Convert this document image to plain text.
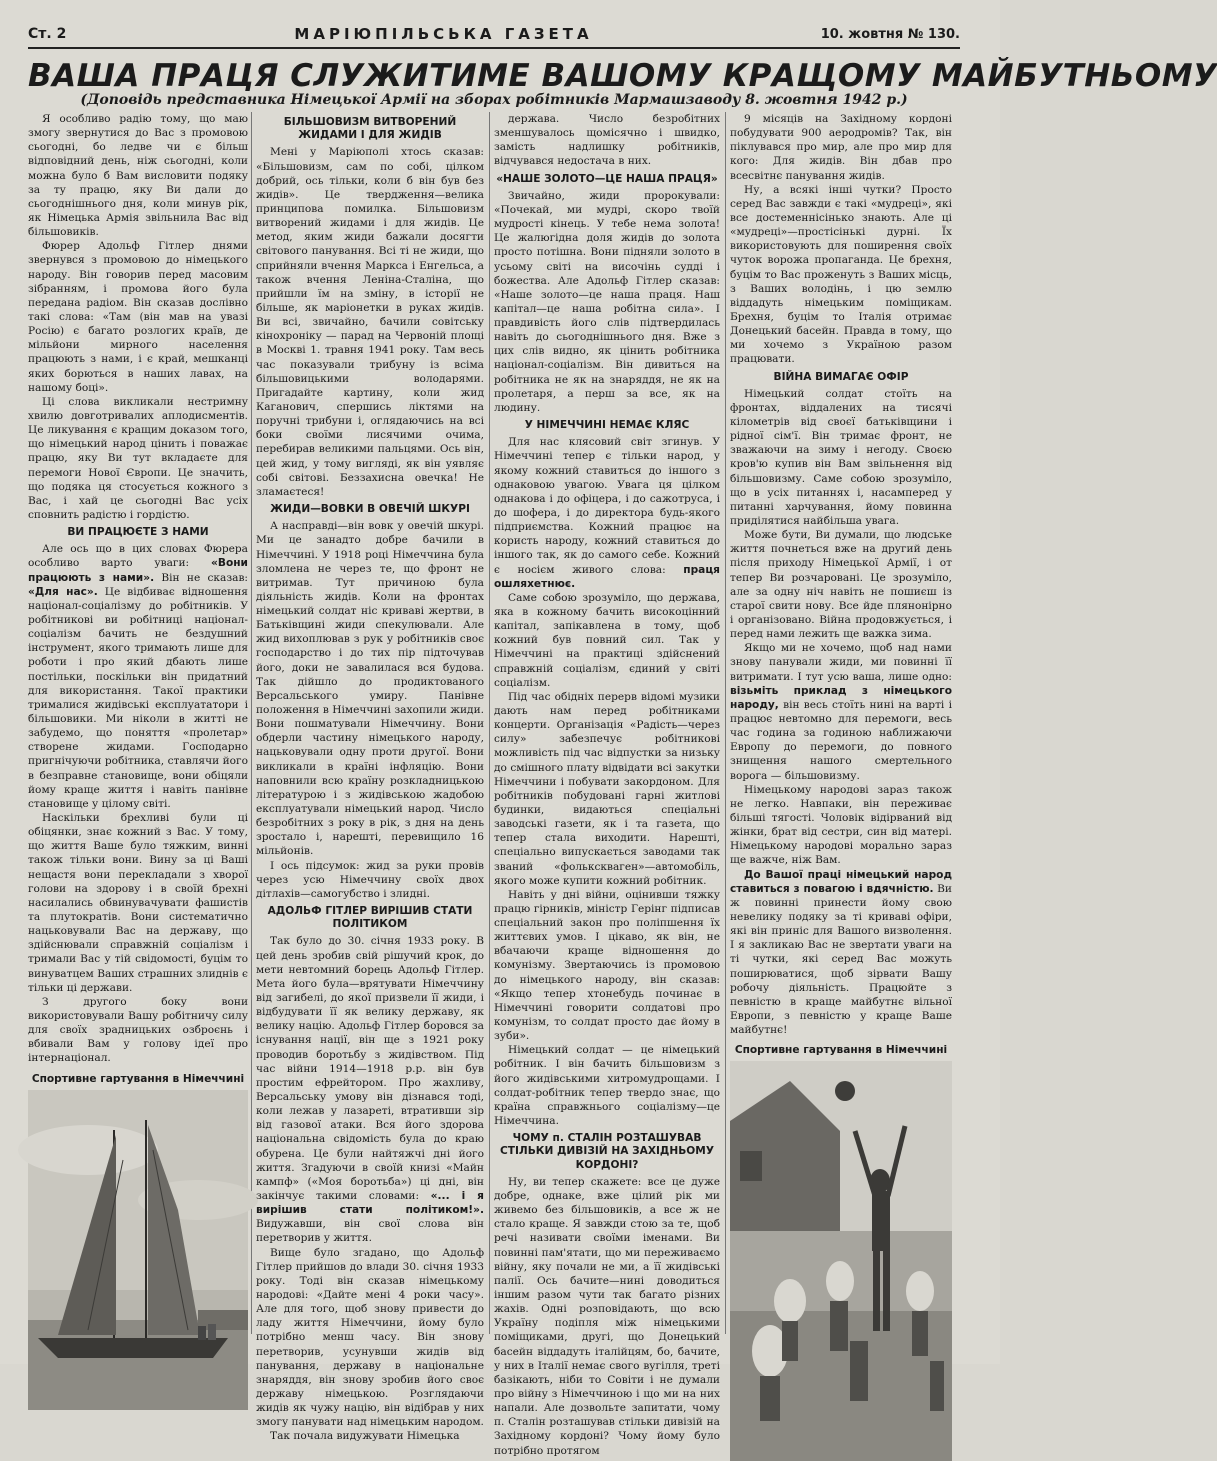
Ст. 2	МАРІЮПІЛЬСЬКА ГАЗЕТА	10. жовтня № 130.
ВАША ПРАЦЯ СЛУЖИТИМЕ ВАШОМУ КРАЩОМУ МАЙБУТНЬОМУ
(Доповідь представника Німецької Армії на зборах робітників Мармашзаводу 8. жовтня 1942 р.)

Я особливо радію тому, що маю змогу звернутися до Вас з промовою сьогодні, бо ледве чи є більш відповідний день, ніж сьогодні, коли можна було б Вам висловити подяку за ту працю, яку Ви дали до сьогоднішнього дня, коли минув рік, як Німецька Армія звільнила Вас від більшовиків.

Фюрер Адольф Гітлер днями звернувся з промовою до німецького народу. Він говорив перед масовим зібранням, і промова його була передана радіом. Він сказав дослівно такі слова: «Там (він мав на увазі Росію) є багато розлогих країв, де мільйони мирного населення працюють з нами, і є край, мешканці яких борються в наших лавах, на нашому боці».

Ці слова викликали нестримну хвилю довготривалих аплодисментів. Це ликування є кращим доказом того, що німецький народ цінить і поважає працю, яку Ви тут вкладаєте для перемоги Нової Європи. Це значить, що подяка ця стосується кожного з Вас, і хай це сьогодні Вас усіх сповнить радістю і гордістю.

ВИ ПРАЦЮЄТЕ З НАМИ

Але ось що в цих словах Фюрера особливо варто уваги: «Вони працюють з нами». Він не сказав: «Для нас». Це відбиває відношення націонал-соціалізму до робітників. У робітникові ви робітниці націонал-соціалізм бачить не бездушний інструмент, якого тримають лише для роботи і про який дбають лише постільки, поскільки він придатний для використання. Такої практики трималися жидівські експлуататори і більшовики. Ми ніколи в житті не забудемо, що поняття «пролетар» створене жидами. Господарно пригнічуючи робітника, ставлячи його в безправне становище, вони обіцяли йому краще життя і навіть панівне становище у цілому світі.

Наскільки брехливі були ці обіцянки, знає кожний з Вас. У тому, що життя Ваше було тяжким, винні також тільки вони. Вину за ці Ваші нещастя вони перекладали з хворої голови на здорову і в своїй брехні насилались обвинувачувати фашистів та плутократів. Вони систематично нацьковували Вас на державу, що здійснювали справжній соціалізм і тримали Вас у тій свідомості, буцім то винуватцем Ваших страшних злиднів є тільки ці держави.

З другого боку вони використовували Вашу робітничу силу для своїх зрадницьких озброєнь і вбивали Вам у голову ідеї про інтернаціонал.

Спортивне гартування в Німеччині
БІЛЬШОВИЗМ ВИТВОРЕНИЙ ЖИДАМИ І ДЛЯ ЖИДІВ

Мені у Маріюполі хтось сказав: «Більшовизм, сам по собі, цілком добрий, ось тільки, коли б він був без жидів». Це твердження—велика принципова помилка. Більшовизм витворений жидами і для жидів. Це метод, яким жиди бажали досягти світового панування. Всі ті не жиди, що сприйняли вчення Маркса і Енгельса, а також вчення Леніна-Сталіна, що прийшли їм на зміну, в історії не більше, як маріонетки в руках жидів. Ви всі, звичайно, бачили совітську кінохроніку — парад на Червоній площі в Москві 1. травня 1941 року. Там весь час показували трибуну із всіма більшовицькими володарями. Пригадайте картину, коли жид Каганович, спершись ліктями на поручні трибуни і, оглядаючись на всі боки своїми лисячими очима, перебирав великими пальцями. Ось він, цей жид, у тому вигляді, як він уявляє собі світові. Беззахисна овечка! Не зламаєтеся!

ЖИДИ—ВОВКИ В ОВЕЧІЙ ШКУРІ

А насправді—він вовк у овечій шкурі. Ми це занадто добре бачили в Німеччині. У 1918 році Німеччина була зломлена не через те, що фронт не витримав. Тут причиною була діяльність жидів. Коли на фронтах німецький солдат ніс криваві жертви, в Батьківщині жиди спекулювали. Але жид вихоплював з рук у робітників своє господарство і до тих пір підточував його, доки не завалилася вся будова. Так дійшло до продиктованого Версальського умиру. Панівне положення в Німеччині захопили жиди. Вони пошматували Німеччину. Вони обдерли частину німецького народу, нацьковували одну проти другої. Вони викликали в країні інфляцію. Вони наповнили всю країну розкладницькою літературою і з жидівською жадобою експлуатували німецький народ. Число безробітних з року в рік, з дня на день зростало і, нарешті, перевищило 16 мільйонів.

І ось підсумок: жид за руки провів через усю Німеччину своїх двох дітлахів—самогубство і злидні.

АДОЛЬФ ГІТЛЕР ВИРІШИВ СТАТИ ПОЛІТИКОМ

Так було до 30. січня 1933 року. В цей день зробив свій рішучий крок, до мети невтомний борець Адольф Гітлер. Мета його була—врятувати Німеччину від загибелі, до якої призвели її жиди, і відбудувати її як велику державу, як велику націю. Адольф Гітлер боровся за існування нації, він ще з 1921 року проводив боротьбу з жидівством. Під час війни 1914—1918 р.р. він був простим ефрейтором. Про жахливу, Версальську умову він дізнався тоді, коли лежав у лазареті, втративши зір від газової атаки. Вся його здорова національна свідомість була до краю обурена. Це були найтяжчі дні його життя. Згадуючи в своїй книзі «Майн кампф» («Моя боротьба») ці дні, він закінчує такими словами: «... і я вирішив стати політиком!». Видужавши, він свої слова він перетворив у життя.

Вище було згадано, що Адольф Гітлер прийшов до влади 30. січня 1933 року. Тоді він сказав німецькому народові: «Дайте мені 4 роки часу». Але для того, щоб знову привести до ладу життя Німеччини, йому було потрібно менш часу. Він знову перетворив, усунувши жидів від панування, державу в національне знаряддя, він знову зробив його своє державу німецькою. Розглядаючи жидів як чужу націю, він відібрав у них змогу панувати над німецьким народом.

Так почала видужувати Німецька

держава. Число безробітних зменшувалось щомісячно і швидко, замість надлишку робітників, відчувався недостача в них.

«НАШЕ ЗОЛОТО—ЦЕ НАША ПРАЦЯ»

Звичайно, жиди пророкували: «Почекай, ми мудрі, скоро твоїй мудрості кінець. У тебе нема золота! Це жалюгідна доля жидів до золота просто потішна. Вони підняли золото в усьому світі на височінь судді і божества. Але Адольф Гітлер сказав: «Наше золото—це наша праця. Наш капітал—це наша робітна сила». І правдивість його слів підтвердилась навіть до сьогоднішнього дня. Вже з цих слів видно, як цінить робітника націонал-соціалізм. Він дивиться на робітника не як на знаряддя, не як на пролетаря, а перш за все, як на людину.

У НІМЕЧЧИНІ НЕМАЄ КЛЯС

Для нас клясовий світ згинув. У Німеччині тепер є тільки народ, у якому кожний ставиться до іншого з однаковою увагою. Увага ця цілком однакова і до офіцера, і до сажотруса, і до шофера, і до директора будь-якого підприємства. Кожний працює на користь народу, кожний ставиться до іншого так, як до самого себе. Кожний є носієм живого слова: праця ошляхетнює.

Саме собою зрозуміло, що держава, яка в кожному бачить високоцінний капітал, запікавлена в тому, щоб кожний був повний сил. Так у Німеччині на практиці здійснений справжній соціалізм, єдиний у світі соціалізм.

Під час обідніх перерв відомі музики дають нам перед робітниками концерти. Організація «Радість—через силу» забезпечує робітникові можливість під час відпустки за низьку до смішного плату відвідати всі закутки Німеччини і побувати закордоном. Для робітників побудовані гарні житлові будинки, видаються спеціальні заводські газети, як і та газета, що тепер стала виходити. Нарешті, спеціально випускається заводами так званий «фолькскваген»—автомобіль, якого може купити кожний робітник.

Навіть у дні війни, оцінивши тяжку працю гірників, міністр Герінг підписав спеціальний закон про поліпшення їх життєвих умов. І цікаво, як він, не вбачаючи краще відношення до комунізму. Звертаючись із промовою до німецького народу, він сказав: «Якщо тепер хтонебудь починає в Німеччині говорити солдатові про комунізм, то солдат просто дає йому в зуби».

Німецький солдат — це німецький робітник. І він бачить більшовизм з його жидівськими хитромудрощами. І солдат-робітник тепер твердо знає, що країна справжнього соціалізму—це Німеччина.

ЧОМУ п. СТАЛІН РОЗТАШУВАВ СТІЛЬКИ ДИВІЗІЙ НА ЗАХІДНЬОМУ КОРДОНІ?

Ну, ви тепер скажете: все це дуже добре, однаке, вже цілий рік ми живемо без більшовиків, а все ж не стало краще. Я завжди стою за те, щоб речі називати своїми іменами. Ви повинні пам'ятати, що ми переживаємо війну, яку почали не ми, а її жидівські палії. Ось бачите—нині доводиться іншим разом чути так багато різних жахів. Одні розповідають, що всю Україну подіпля між німецькими поміщиками, другі, що Донецький басейн віддадуть італійцям, бо, бачите, у них в Італії немає свого вугілля, треті базікають, ніби то Совіти і не думали про війну з Німеччиною і що ми на них напали. Але дозвольте запитати, чому п. Сталін розташував стільки дивізій на Західному кордоні? Чому йому було потрібно протягом

9 місяців на Західному кордоні побудувати 900 аеродромів? Так, він піклувався про мир, але про мир для кого: Для жидів. Він дбав про всесвітнє панування жидів.

Ну, а всякі інші чутки? Просто серед Вас завжди є такі «мудреці», які все достеменнісінько знають. Але ці «мудреці»—простісінькі дурні. Їх використовують для поширення своїх чуток ворожа пропаганда. Це брехня, буцім то Вас проженуть з Ваших місць, з Ваших володінь, і цю землю віддадуть німецьким поміщикам. Брехня, буцім то Італія отримає Донецький басейн. Правда в тому, що ми хочемо з Україною разом працювати.

ВІЙНА ВИМАГАЄ ОФІР

Німецький солдат стоїть на фронтах, віддалених на тисячі кілометрів від своєї батьківщини і рідної сім'ї. Він тримає фронт, не зважаючи на зиму і негоду. Своєю кров'ю купив він Вам звільнення від більшовизму. Саме собою зрозуміло, що в усіх питаннях і, насамперед у питанні харчування, йому повинна приділятися найбільша увага.

Може бути, Ви думали, що людське життя почнеться вже на другий день після приходу Німецької Армії, і от тепер Ви розчаровані. Це зрозуміло, але за одну ніч навіть не пошиєш із старої свити нову. Все йде плянонірно і організовано. Війна продовжується, і перед нами лежить ще важка зима.

Якщо ми не хочемо, щоб над нами знову панували жиди, ми повинні її витримати. І тут усю ваша, лише одно: візьміть приклад з німецького народу, він весь стоїть нині на варті і працює невтомно для перемоги, весь час година за годиною наближаючи Европу до перемоги, до повного знищення нашого смертельного ворога — більшовизму.

Німецькому народові зараз також не легко. Навпаки, він переживає більші тягості. Чоловік відірваний від жінки, брат від сестри, син від матері. Німецькому народові морально зараз ще важче, ніж Вам.

До Вашої праці німецький народ ставиться з повагою і вдячністю. Ви ж повинні принести йому свою невелику подяку за ті криваві офіри, які він приніс для Вашого визволення. І я закликаю Вас не звертати уваги на ті чутки, які серед Вас можуть поширюватися, щоб зірвати Вашу робочу діяльність. Працюйте з певністю в краще майбутнє вільної Европи, з певністю у краще Ваше майбутнє!

Спортивне гартування в Німеччині
